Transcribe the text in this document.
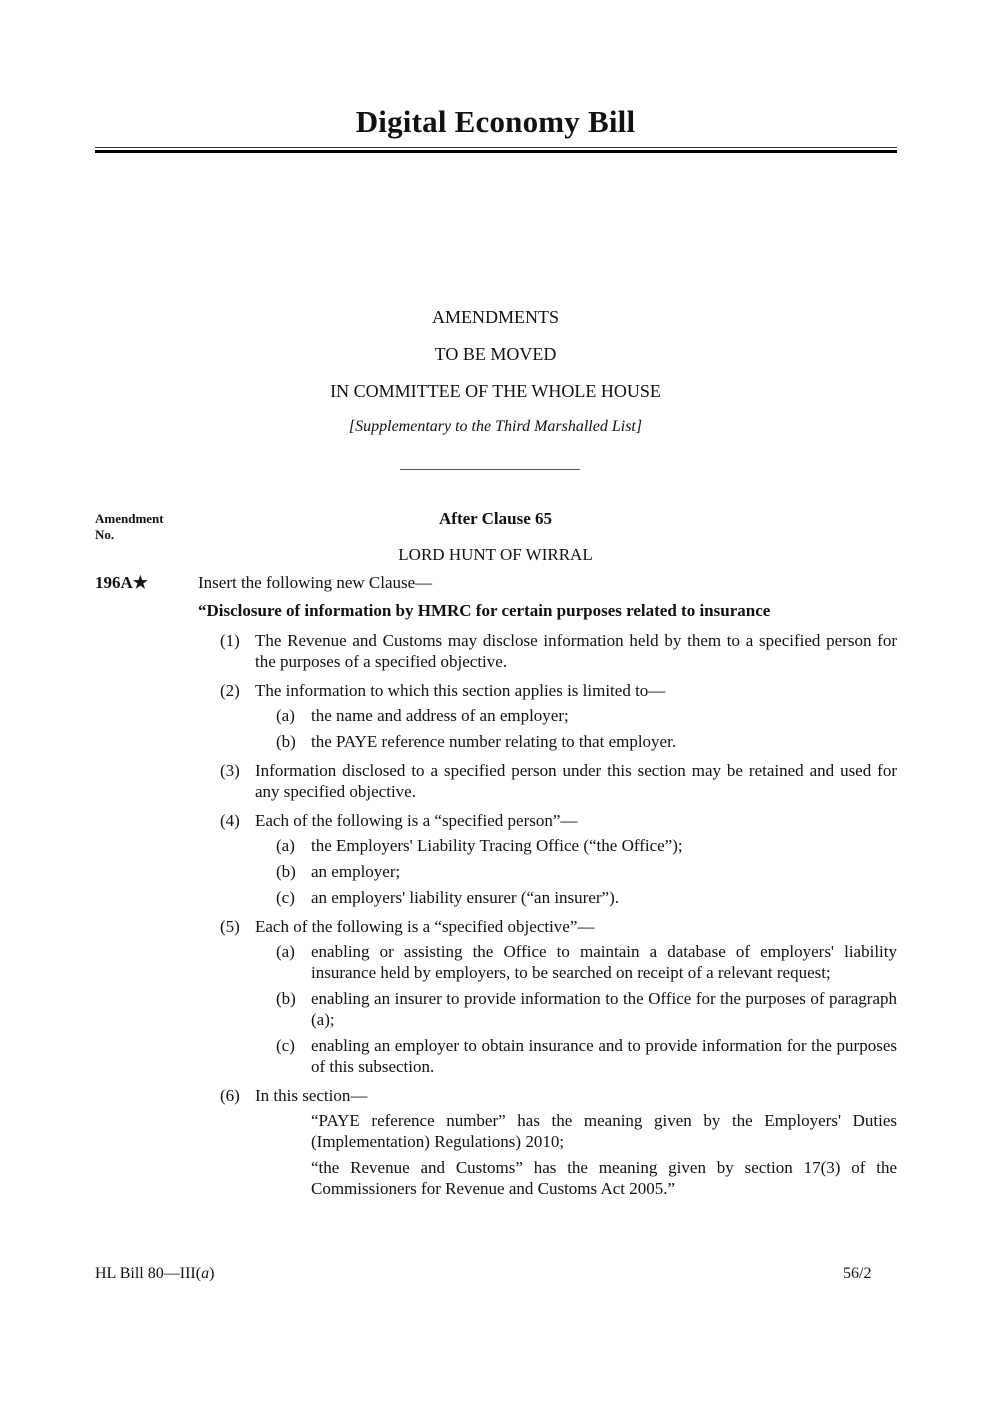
Digital Economy Bill
AMENDMENTS
TO BE MOVED
IN COMMITTEE OF THE WHOLE HOUSE
[Supplementary to the Third Marshalled List]
Amendment
No.
After Clause 65
LORD HUNT OF WIRRAL
196A★	Insert the following new Clause—
“Disclosure of information by HMRC for certain purposes related to insurance
(1) The Revenue and Customs may disclose information held by them to a specified person for the purposes of a specified objective.
(2) The information to which this section applies is limited to—
(a) the name and address of an employer;
(b) the PAYE reference number relating to that employer.
(3) Information disclosed to a specified person under this section may be retained and used for any specified objective.
(4) Each of the following is a “specified person”—
(a) the Employers' Liability Tracing Office (“the Office”);
(b) an employer;
(c) an employers' liability ensurer (“an insurer”).
(5) Each of the following is a “specified objective”—
(a) enabling or assisting the Office to maintain a database of employers' liability insurance held by employers, to be searched on receipt of a relevant request;
(b) enabling an insurer to provide information to the Office for the purposes of paragraph (a);
(c) enabling an employer to obtain insurance and to provide information for the purposes of this subsection.
(6) In this section—
“PAYE reference number” has the meaning given by the Employers' Duties (Implementation) Regulations) 2010;
“the Revenue and Customs” has the meaning given by section 17(3) of the Commissioners for Revenue and Customs Act 2005.”
HL Bill 80—III(a)	56/2
